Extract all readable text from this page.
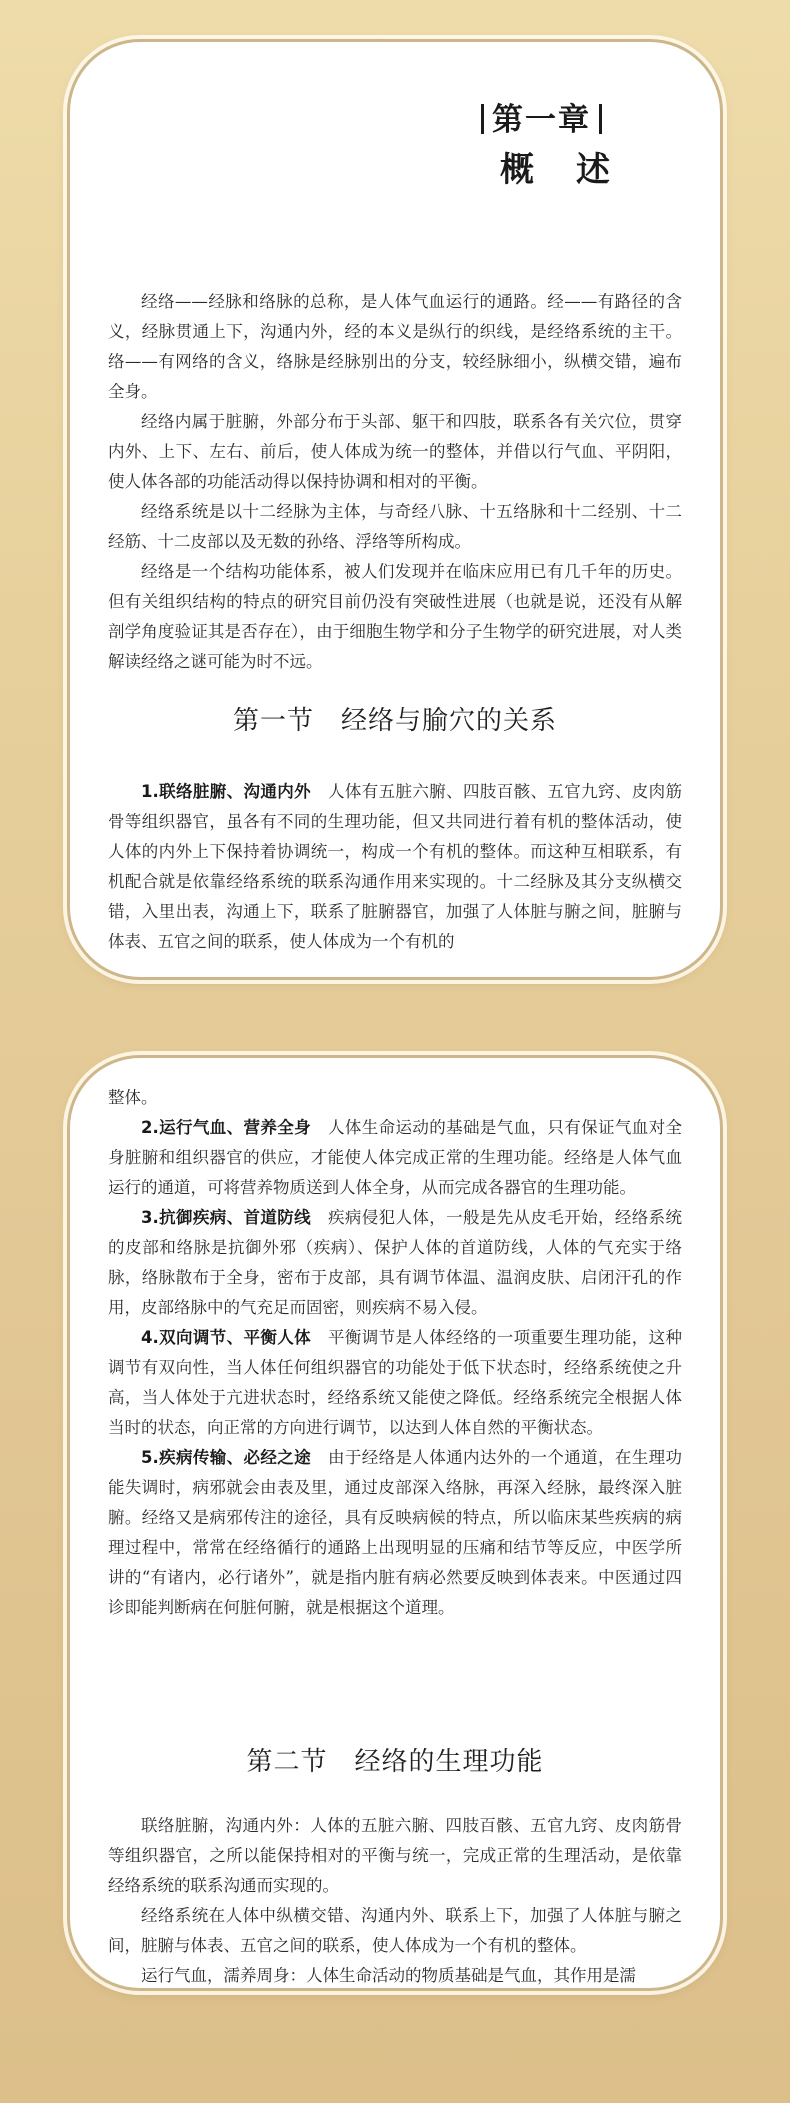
第一章
概述

经络——经脉和络脉的总称，是人体气血运行的通路。经——有路径的含义，经脉贯通上下，沟通内外，经的本义是纵行的织线，是经络系统的主干。络——有网络的含义，络脉是经脉别出的分支，较经脉细小，纵横交错，遍布全身。

经络内属于脏腑，外部分布于头部、躯干和四肢，联系各有关穴位，贯穿内外、上下、左右、前后，使人体成为统一的整体，并借以行气血、平阴阳，使人体各部的功能活动得以保持协调和相对的平衡。

经络系统是以十二经脉为主体，与奇经八脉、十五络脉和十二经别、十二经筋、十二皮部以及无数的孙络、浮络等所构成。

经络是一个结构功能体系，被人们发现并在临床应用已有几千年的历史。但有关组织结构的特点的研究目前仍没有突破性进展（也就是说，还没有从解剖学角度验证其是否存在），由于细胞生物学和分子生物学的研究进展，对人类解读经络之谜可能为时不远。

第一节　经络与腧穴的关系

1.联络脏腑、沟通内外　 人体有五脏六腑、四肢百骸、五官九窍、皮肉筋骨等组织器官，虽各有不同的生理功能，但又共同进行着有机的整体活动，使人体的内外上下保持着协调统一，构成一个有机的整体。而这种互相联系，有机配合就是依靠经络系统的联系沟通作用来实现的。十二经脉及其分支纵横交错，入里出表，沟通上下，联系了脏腑器官，加强了人体脏与腑之间，脏腑与体表、五官之间的联系，使人体成为一个有机的

整体。

2.运行气血、营养全身　 人体生命运动的基础是气血，只有保证气血对全身脏腑和组织器官的供应，才能使人体完成正常的生理功能。经络是人体气血运行的通道，可将营养物质送到人体全身，从而完成各器官的生理功能。

3.抗御疾病、首道防线　 疾病侵犯人体，一般是先从皮毛开始，经络系统的皮部和络脉是抗御外邪（疾病）、保护人体的首道防线，人体的气充实于络脉，络脉散布于全身，密布于皮部，具有调节体温、温润皮肤、启闭汗孔的作用，皮部络脉中的气充足而固密，则疾病不易入侵。

4.双向调节、平衡人体　 平衡调节是人体经络的一项重要生理功能，这种调节有双向性，当人体任何组织器官的功能处于低下状态时，经络系统使之升高，当人体处于亢进状态时，经络系统又能使之降低。经络系统完全根据人体当时的状态，向正常的方向进行调节，以达到人体自然的平衡状态。

5.疾病传输、必经之途　 由于经络是人体通内达外的一个通道，在生理功能失调时，病邪就会由表及里，通过皮部深入络脉，再深入经脉，最终深入脏腑。经络又是病邪传注的途径，具有反映病候的特点，所以临床某些疾病的病理过程中，常常在经络循行的通路上出现明显的压痛和结节等反应，中医学所讲的“有诸内，必行诸外”，就是指内脏有病必然要反映到体表来。中医通过四诊即能判断病在何脏何腑，就是根据这个道理。

第二节　经络的生理功能

联络脏腑，沟通内外：人体的五脏六腑、四肢百骸、五官九窍、皮肉筋骨等组织器官，之所以能保持相对的平衡与统一，完成正常的生理活动，是依靠经络系统的联系沟通而实现的。

经络系统在人体中纵横交错、沟通内外、联系上下，加强了人体脏与腑之间，脏腑与体表、五官之间的联系，使人体成为一个有机的整体。

运行气血，濡养周身：人体生命活动的物质基础是气血，其作用是濡
